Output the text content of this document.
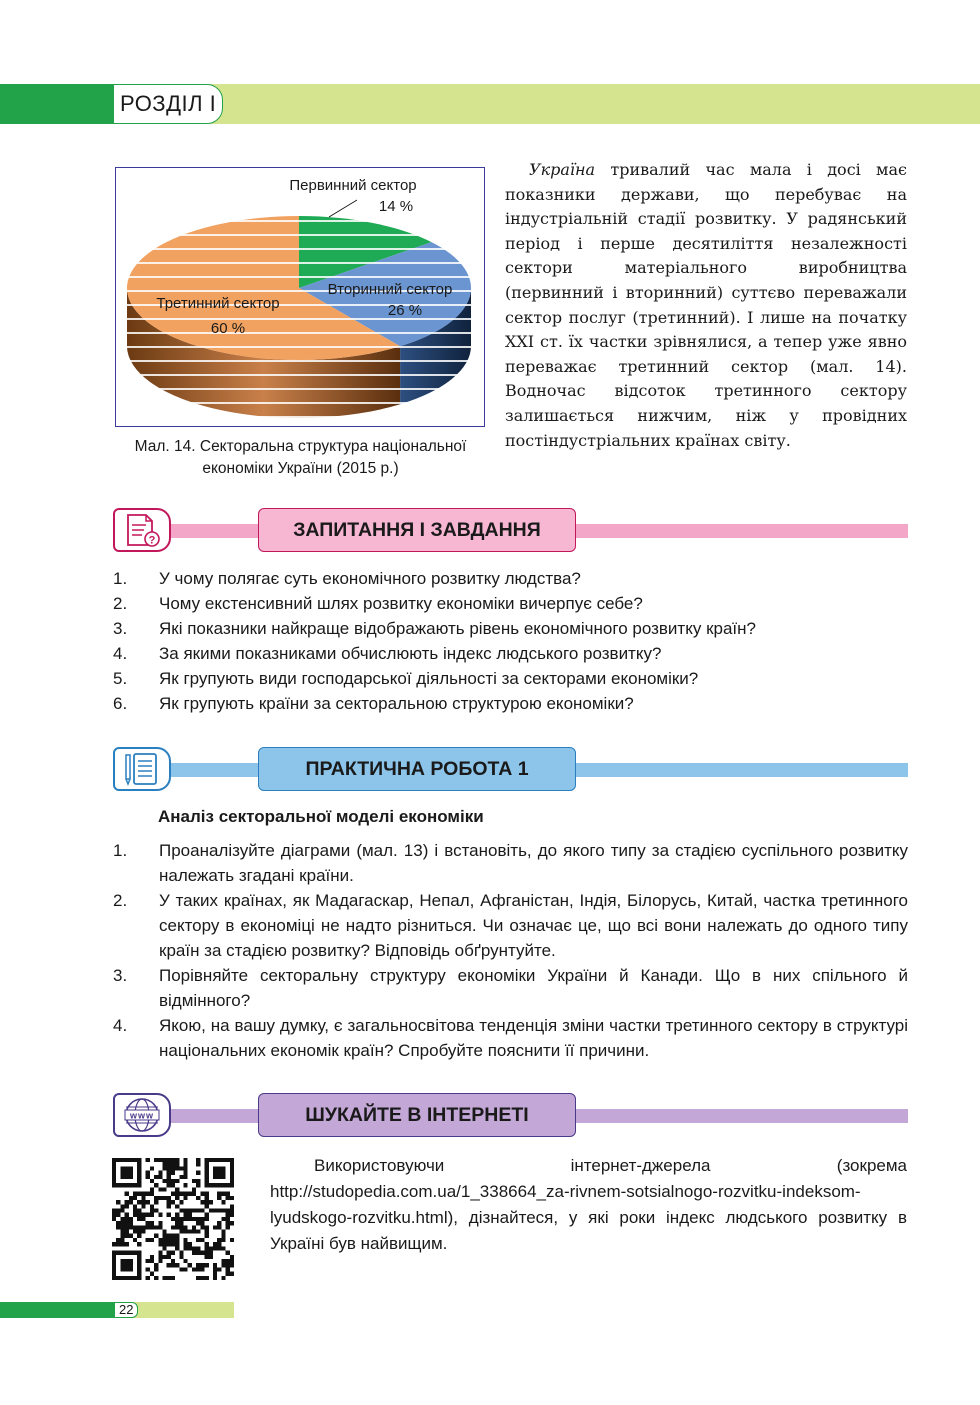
РОЗДІЛ І
Первинний сектор
14 %
Вторинний сектор
26 %
Третинний сектор
60 %
Мал. 14. Секторальна структура національної
економіки України (2015 р.)
  Україна тривалий час мала і досі має показники держави, що перебуває на індустріальній стадії розвитку. У радянський період і перше десятиліття незалежності сектори матеріального виробництва (первинний і вторинний) суттєво переважали сектор послуг (третинний). І лише на початку XXI ст. їх частки зрівнялися, а тепер уже явно переважає третинний сектор (мал. 14). Водночас відсоток третинного сектору залишається нижчим, ніж у провідних постіндустріальних країнах світу.
?	ЗАПИТАННЯ І ЗАВДАННЯ
1. У чому полягає суть економічного розвитку людства?
2. Чому екстенсивний шлях розвитку економіки вичерпує себе?
3. Які показники найкраще відображають рівень економічного розвитку країн?
4. За якими показниками обчислюють індекс людського розвитку?
5. Як групують види господарської діяльності за секторами економіки?
6. Як групують країни за секторальною структурою економіки?
ПРАКТИЧНА РОБОТА 1
Аналіз секторальної моделі економіки
1. Проаналізуйте діаграми (мал. 13) і встановіть, до якого типу за стадією суспільного розвитку належать згадані країни.
2. У таких країнах, як Мадагаскар, Непал, Афганістан, Індія, Білорусь, Китай, частка третинного сектору в економіці не надто різниться. Чи означає це, що всі вони належать до одного типу країн за стадією розвитку? Відповідь обґрунтуйте.
3. Порівняйте секторальну структуру економіки України й Канади. Що в них спільного й відмінного?
4. Якою, на вашу думку, є загальносвітова тенденція зміни частки третинного сектору в структурі національних економік країн? Спробуйте пояснити її причини.
www	ШУКАЙТЕ В ІНТЕРНЕТІ
Використовуючи інтернет-джерела (зокрема http://studopedia.com.ua/1_338664_za-rivnem-sotsialnogo-rozvitku-indeksom-lyudskogo-rozvitku.html), дізнайтеся, у які роки індекс людського розвитку в Україні був найвищим.
22
